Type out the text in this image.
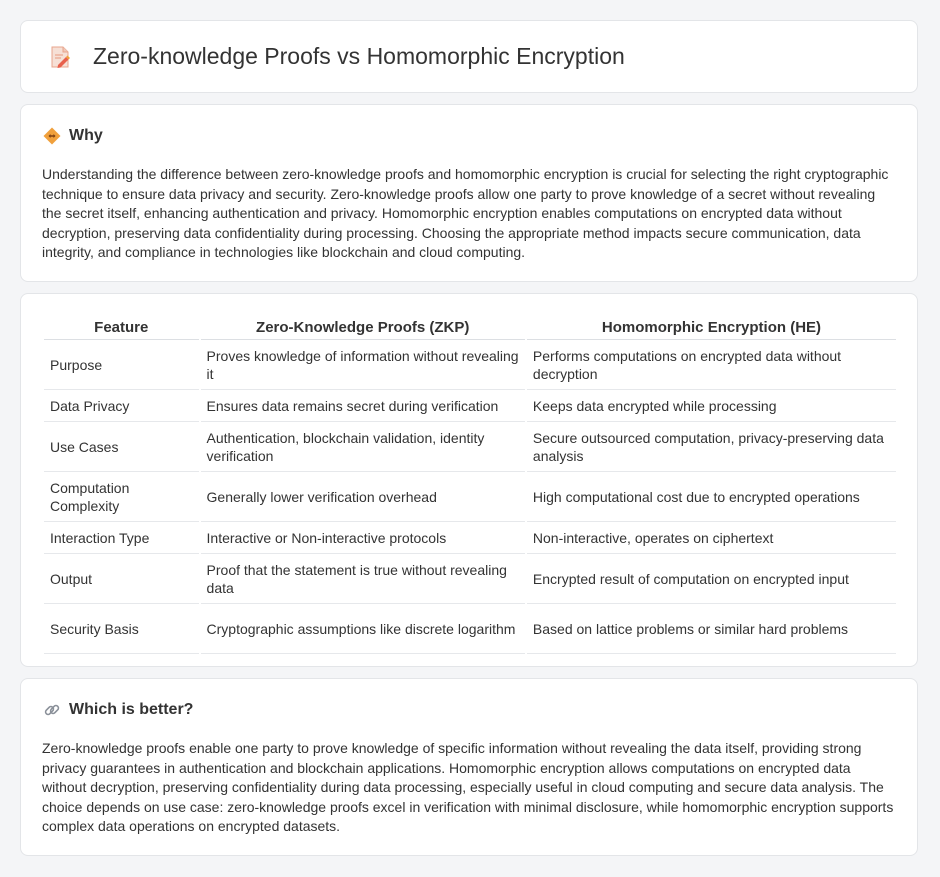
Zero-knowledge Proofs vs Homomorphic Encryption
Why

Understanding the difference between zero-knowledge proofs and homomorphic encryption is crucial for selecting the right cryptographic technique to ensure data privacy and security. Zero-knowledge proofs allow one party to prove knowledge of a secret without revealing the secret itself, enhancing authentication and privacy. Homomorphic encryption enables computations on encrypted data without decryption, preserving data confidentiality during processing. Choosing the appropriate method impacts secure communication, data integrity, and compliance in technologies like blockchain and cloud computing.

Feature	Zero-Knowledge Proofs (ZKP)	Homomorphic Encryption (HE)
Purpose	Proves knowledge of information without revealing it	Performs computations on encrypted data without decryption
Data Privacy	Ensures data remains secret during verification	Keeps data encrypted while processing
Use Cases	Authentication, blockchain validation, identity verification	Secure outsourced computation, privacy-preserving data analysis
Computation Complexity	Generally lower verification overhead	High computational cost due to encrypted operations
Interaction Type	Interactive or Non-interactive protocols	Non-interactive, operates on ciphertext
Output	Proof that the statement is true without revealing data	Encrypted result of computation on encrypted input
Security Basis	Cryptographic assumptions like discrete logarithm	Based on lattice problems or similar hard problems
Which is better?

Zero-knowledge proofs enable one party to prove knowledge of specific information without revealing the data itself, providing strong privacy guarantees in authentication and blockchain applications. Homomorphic encryption allows computations on encrypted data without decryption, preserving confidentiality during data processing, especially useful in cloud computing and secure data analysis. The choice depends on use case: zero-knowledge proofs excel in verification with minimal disclosure, while homomorphic encryption supports complex data operations on encrypted datasets.
